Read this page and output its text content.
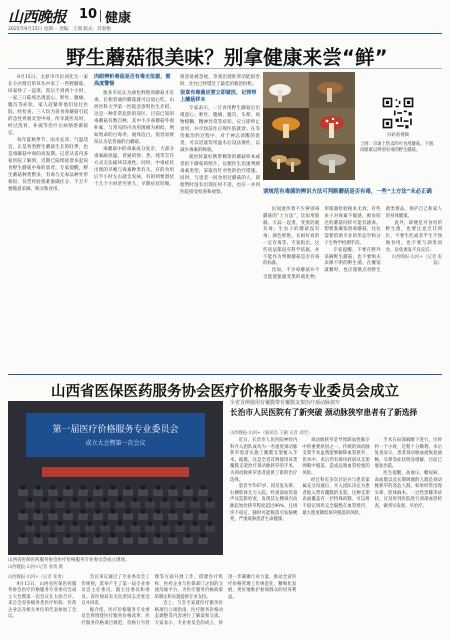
山西晚报 10 健康
2025年9月15日 星期一 责编：王瑞 版式：苏春艳
野生蘑菇很美味？别拿健康来尝“鲜”

9月15日，太原市市民刘先生一家在小区附近的草丛中采了一些野蘑菇，回家炒了一盘菜。饭后不到两个小时，一家三口陆续出现恶心、呕吐、腹痛、腹泻等症状，家人赶紧将他们送往医院。经检查，三人均为误食毒蘑菇引起的急性胃肠炎型中毒，所幸就医及时，经过洗胃、补液等治疗后病情逐渐稳定。

每年夏秋季节，雨水充沛、气温适宜，正是各类野生蘑菇生长的旺季，也是毒蘑菇中毒的高发期。记者从省内多家医院了解到，近期已陆续接诊多起误食野生蘑菇中毒的患者。专家提醒，野生蘑菇种类繁多，有毒与无毒品种外形相似，仅凭经验很难准确区分，千万不要随意采摘、购买和食用。

肉眼辨析毒菇是否有毒无依据，需高度警惕

很多市民认为颜色鲜艳的蘑菇才有毒，长相普通的蘑菇就可以放心吃。山西医科大学第一医院急诊科医生介绍，这是一种非常危险的误区。目前已知的毒蘑菇有数百种，其中不少毒蘑菇外观朴素，与常见的可食用菌极为相似，例如致命的白毒伞，通体洁白，很容易被误认为是普通的白蘑菇。

毒蘑菇中的毒素成分复杂，大部分毒素耐高温，普通的炒、煮、炖等烹饪方式无法破坏其毒性。同时，中毒症状出现的早晚与毒素种类有关，有的食用后半小时左右就会发病，有的则要潜伏十几个小时甚至更久，早期症状轻微，很容易被忽视，等到出现肝肾功能损害时，往往已经错过了最佳的救治时机。

误食有毒菌应要立即就医，记得带上蘑菇样本

专家表示，一旦食用野生蘑菇后出现恶心、呕吐、腹痛、腹泻、头晕、视物模糊、精神异常等症状，应立即停止食用，并尽快前往正规医院就诊。在等待救治的过程中，对于神志清醒的患者，可以适量饮用温水后设法催吐，以减少毒素的吸收。

就医时最好携带剩余的蘑菇样本或者拍下蘑菇的照片，以便医生迅速判断毒素类型，采取有针对性的治疗措施。同时，与患者一同食用过蘑菇的人，即使暂时没有出现任何不适，也应一并到医院接受检查和观察。

扫码看视频
上图：市场上售卖的可食用蘑菇。下图：肉眼难以辨别有毒的野生蘑菇。
请规范有毒菌的辨识方法可判断蘑菇是否有毒，一些“土方法”未必正确

民间流传着不少辨别毒蘑菇的“土方法”，比如用银器、大蒜一起煮，变黑的就有毒；生虫子的蘑菇没有毒；颜色鲜艳、长相好看的一定有毒等。专家指出，这些说法都没有科学依据，并不能作为判断蘑菇是否有毒的标准。

比如，不少毒蘑菇并不含能使银器变黑的硫化物，用银器检验根本无效；有些虫子对毒素不敏感，被虫咬过的蘑菇同样可能有剧毒。想要准确鉴别毒蘑菇，往往需要借助专业的形态学和分子生物学检测手段。

专家提醒，不要在野外采摘野生蘑菇，也不要购买来源不明的野生菌。在餐馆就餐时，也应谨慎点食野生菌类菜品，保护自己和家人的身体健康。

此外，即便是可食用的野生菌，也要注意烹饪到位，不要生吃或者半生不熟地食用，也不要与酒类同食，以免诱发不良反应。

山西晚报·山河+（记者 张磊）

山西省医保医药服务协会医疗价格服务专业委员会成立
第一届医疗价格服务专业委员会
成立大会暨第一次会议
山西省医保医药服务协会医疗价格服务专业委员会成立现场。
山西晚报·山河+记者 张勇 摄

山西晚报·山河+（记者 张勇）

9月13日，山西省医保医药服务协会医疗价格服务专业委员会成立大会暨第一次会议在太原召开。来自全省各级各类医疗机构、医药企业以及相关单位的代表参加了会议。

会议审议通过了专业委员会工作规则，选举产生了第一届专业委员会主任委员、副主任委员和委员。省医保局有关负责同志出席会议并讲话。

据介绍，医疗价格服务专业委员会将围绕医疗服务价格改革、医疗服务价格项目规范、价格行为管理等方面开展工作，搭建医疗机构、医药企业与医保部门之间的交流沟通平台，为医疗服务价格政策的制定和实施提供专业支持。

会上，与会专家就医疗服务价格项目立项指南、医疗服务价格动态调整等内容进行了解读和交流。大家表示，专业委员会的成立，将进一步凝聚行业力量，推动全省医疗价格管理工作规范化、精细化发展，更好地维护参保群众的切身利益。

全省首例使用有覆膜带有覆膜支架治疗颈动脉狭窄
长治市人民医院有了新突破 颈动脉狭窄患者有了新选择
山西晚报·山河+（通讯员 王颖 记者 刘芳）

近日，长治市人民医院神经内科介入团队成功为一名重度颈动脉狭窄患者实施了覆膜支架植入手术。据悉，这是全省首例使用该类覆膜支架治疗颈动脉狭窄的手术，为颈动脉狭窄患者提供了新的治疗选择。

患者今年67岁，因反复头晕、右侧肢体无力入院。经颈部血管超声及造影检查，发现其左侧颈内动脉起始处狭窄程度超过90%，且斑块不稳定，随时可能脱落引发脑梗死，严重威胁患者生命健康。

颈动脉狭窄是导致缺血性脑卒中的重要原因之一。传统的颈动脉支架手术虽然能够解除血管狭窄，但术中、术后仍有斑块碎屑从支架网眼中脱落、造成远端血管栓塞的风险。

经过科室多次讨论并与患者家属充分沟通后，介入团队决定为患者植入带有覆膜的支架。这种支架表面覆盖有一层特殊的膜，可以将不稳定斑块完全隔绝在血管壁内，最大程度降低斑块脱落的风险。

手术在局部麻醉下进行，历时约一个小时，过程十分顺利。术后复查显示，患者颈动脉血流恢复通畅，头晕等症状明显缓解，目前已康复出院。

医生提醒，高血压、糖尿病、高血脂以及长期吸烟的人群是颈动脉狭窄的高危人群，如果经常出现头晕、肢体麻木、一过性黑矇等症状，应及时到医院进行颈部血管检查，做到早发现、早治疗。
